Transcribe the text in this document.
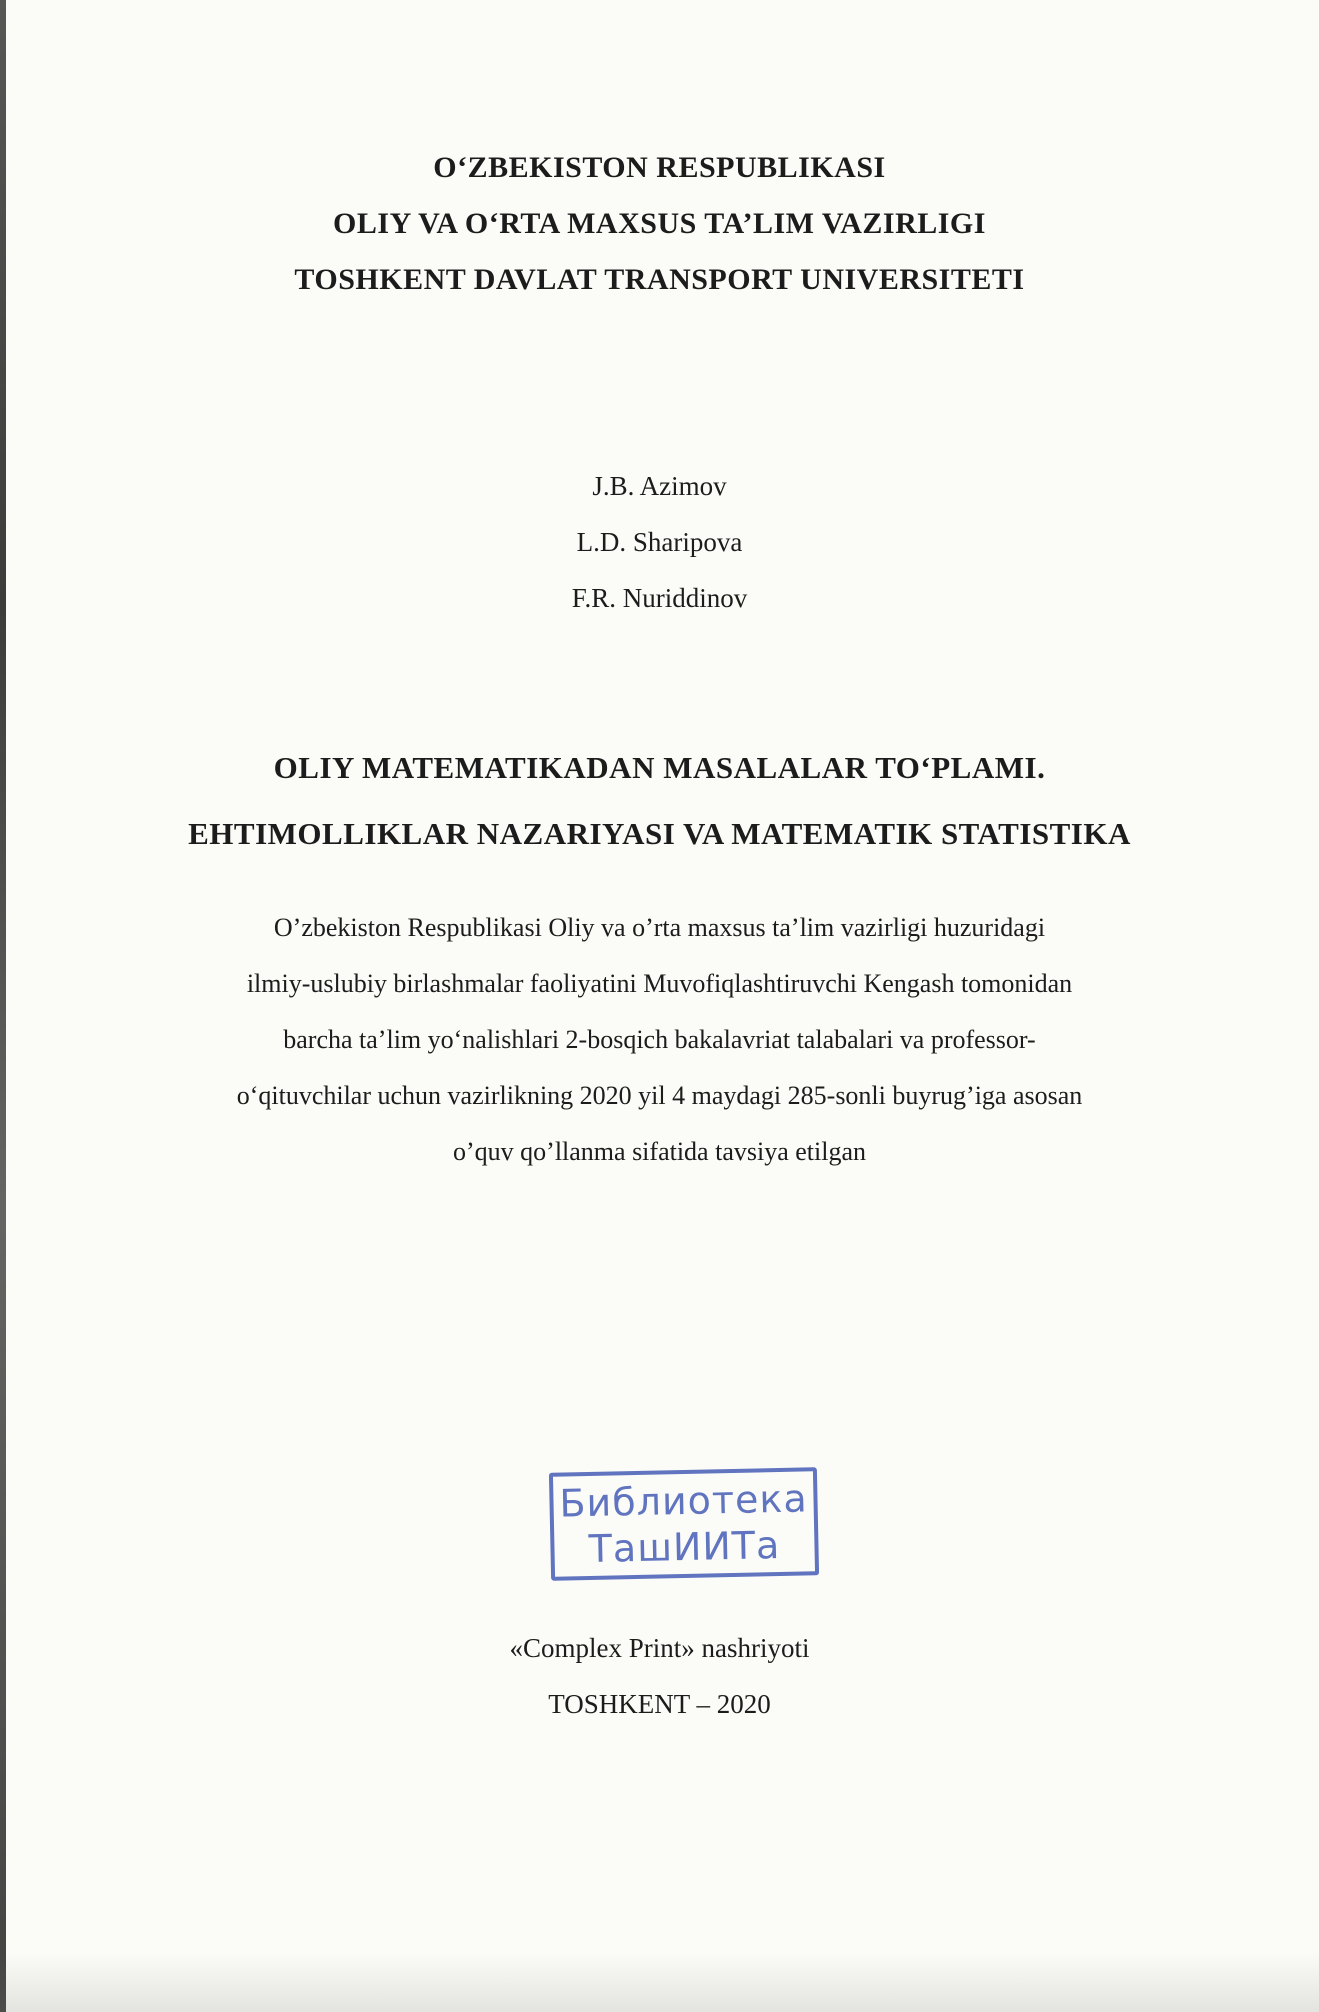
O‘ZBEKISTON RESPUBLIKASI

OLIY VA O‘RTA MAXSUS TA’LIM VAZIRLIGI

TOSHKENT DAVLAT TRANSPORT UNIVERSITETI

J.B. Azimov

L.D. Sharipova

F.R. Nuriddinov

OLIY MATEMATIKADAN MASALALAR TO‘PLAMI.

EHTIMOLLIKLAR NAZARIYASI VA MATEMATIK STATISTIKA

O’zbekiston Respublikasi Oliy va o’rta maxsus ta’lim vazirligi huzuridagi

ilmiy-uslubiy birlashmalar faoliyatini Muvofiqlashtiruvchi Kengash tomonidan

barcha ta’lim yo‘nalishlari 2-bosqich bakalavriat talabalari va professor-

o‘qituvchilar uchun vazirlikning 2020 yil 4 maydagi 285-sonli buyrug’iga asosan

o’quv qo’llanma sifatida tavsiya etilgan

Библиотека
ТашИИТа

«Complex Print» nashriyoti

TOSHKENT – 2020
